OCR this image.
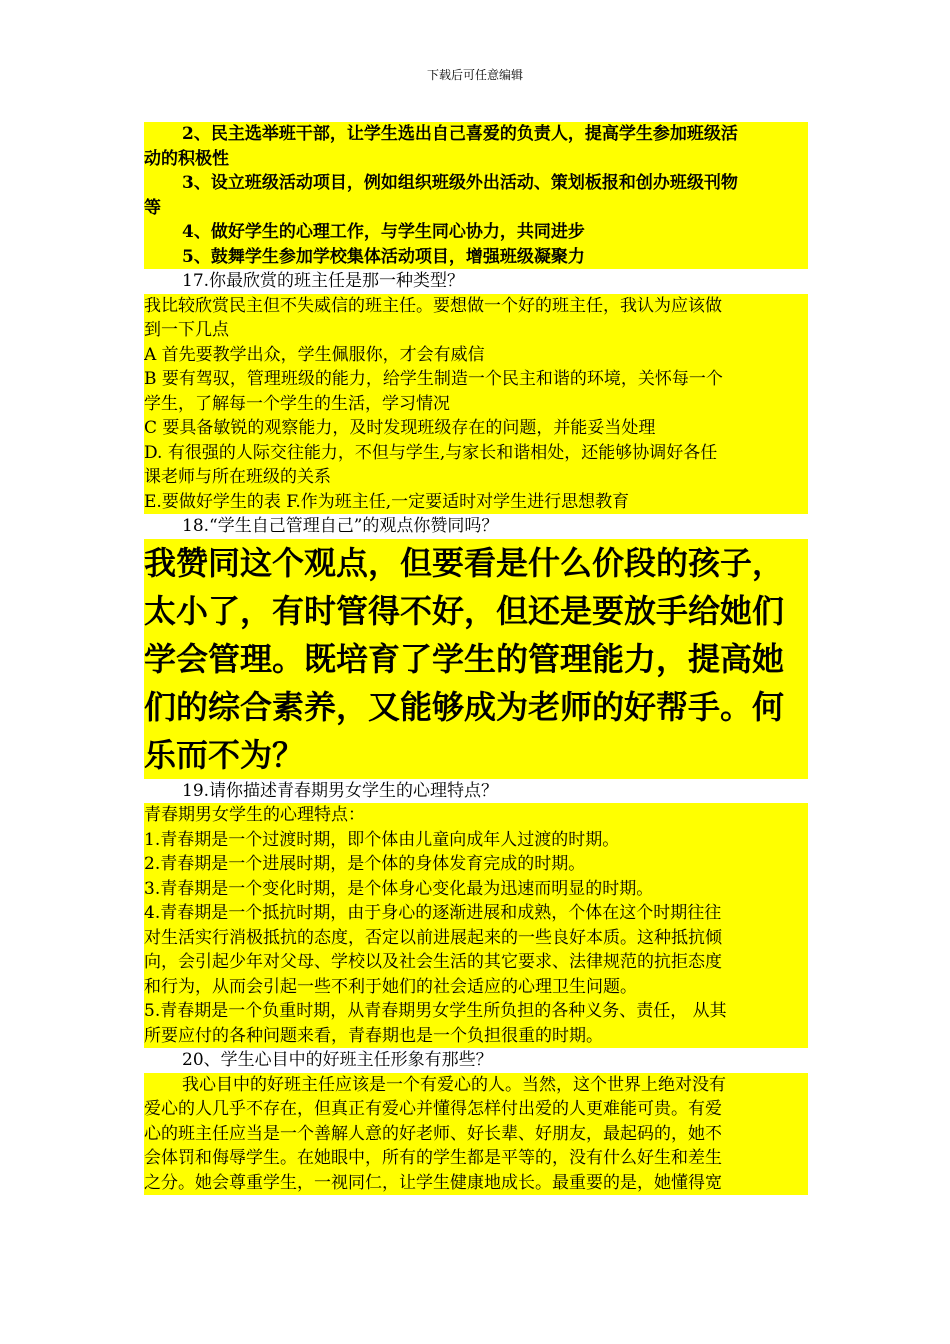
下载后可任意编辑
2、民主选举班干部，让学生选出自己喜爱的负责人，提高学生参加班级活
动的积极性
3、设立班级活动项目，例如组织班级外出活动、策划板报和创办班级刊物
等
4、做好学生的心理工作，与学生同心协力，共同进步
5、鼓舞学生参加学校集体活动项目，增强班级凝聚力
17.你最欣赏的班主任是那一种类型？
我比较欣赏民主但不失威信的班主任。要想做一个好的班主任，我认为应该做
到一下几点
A 首先要教学出众，学生佩服你，才会有威信
B 要有驾驭，管理班级的能力，给学生制造一个民主和谐的环境，关怀每一个
学生，了解每一个学生的生活，学习情况
C 要具备敏锐的观察能力，及时发现班级存在的问题，并能妥当处理
D. 有很强的人际交往能力，不但与学生,与家长和谐相处，还能够协调好各任
课老师与所在班级的关系
E.要做好学生的表 F.作为班主任,一定要适时对学生进行思想教育
18.“学生自己管理自己”的观点你赞同吗？
我赞同这个观点，但要看是什么价段的孩子，
太小了，有时管得不好，但还是要放手给她们
学会管理。既培育了学生的管理能力，提高她
们的综合素养，又能够成为老师的好帮手。何
乐而不为？
19.请你描述青春期男女学生的心理特点？
青春期男女学生的心理特点：
1.青春期是一个过渡时期，即个体由儿童向成年人过渡的时期。
2.青春期是一个进展时期，是个体的身体发育完成的时期。
3.青春期是一个变化时期，是个体身心变化最为迅速而明显的时期。
4.青春期是一个抵抗时期，由于身心的逐渐进展和成熟，个体在这个时期往往
对生活实行消极抵抗的态度，否定以前进展起来的一些良好本质。这种抵抗倾
向，会引起少年对父母、学校以及社会生活的其它要求、法律规范的抗拒态度
和行为，从而会引起一些不利于她们的社会适应的心理卫生问题。
5.青春期是一个负重时期，从青春期男女学生所负担的各种义务、责任， 从其
所要应付的各种问题来看，青春期也是一个负担很重的时期。
20、学生心目中的好班主任形象有那些？
我心目中的好班主任应该是一个有爱心的人。当然，这个世界上绝对没有
爱心的人几乎不存在，但真正有爱心并懂得怎样付出爱的人更难能可贵。有爱
心的班主任应当是一个善解人意的好老师、好长辈、好朋友，最起码的，她不
会体罚和侮辱学生。在她眼中，所有的学生都是平等的，没有什么好生和差生
之分。她会尊重学生，一视同仁，让学生健康地成长。最重要的是，她懂得宽
